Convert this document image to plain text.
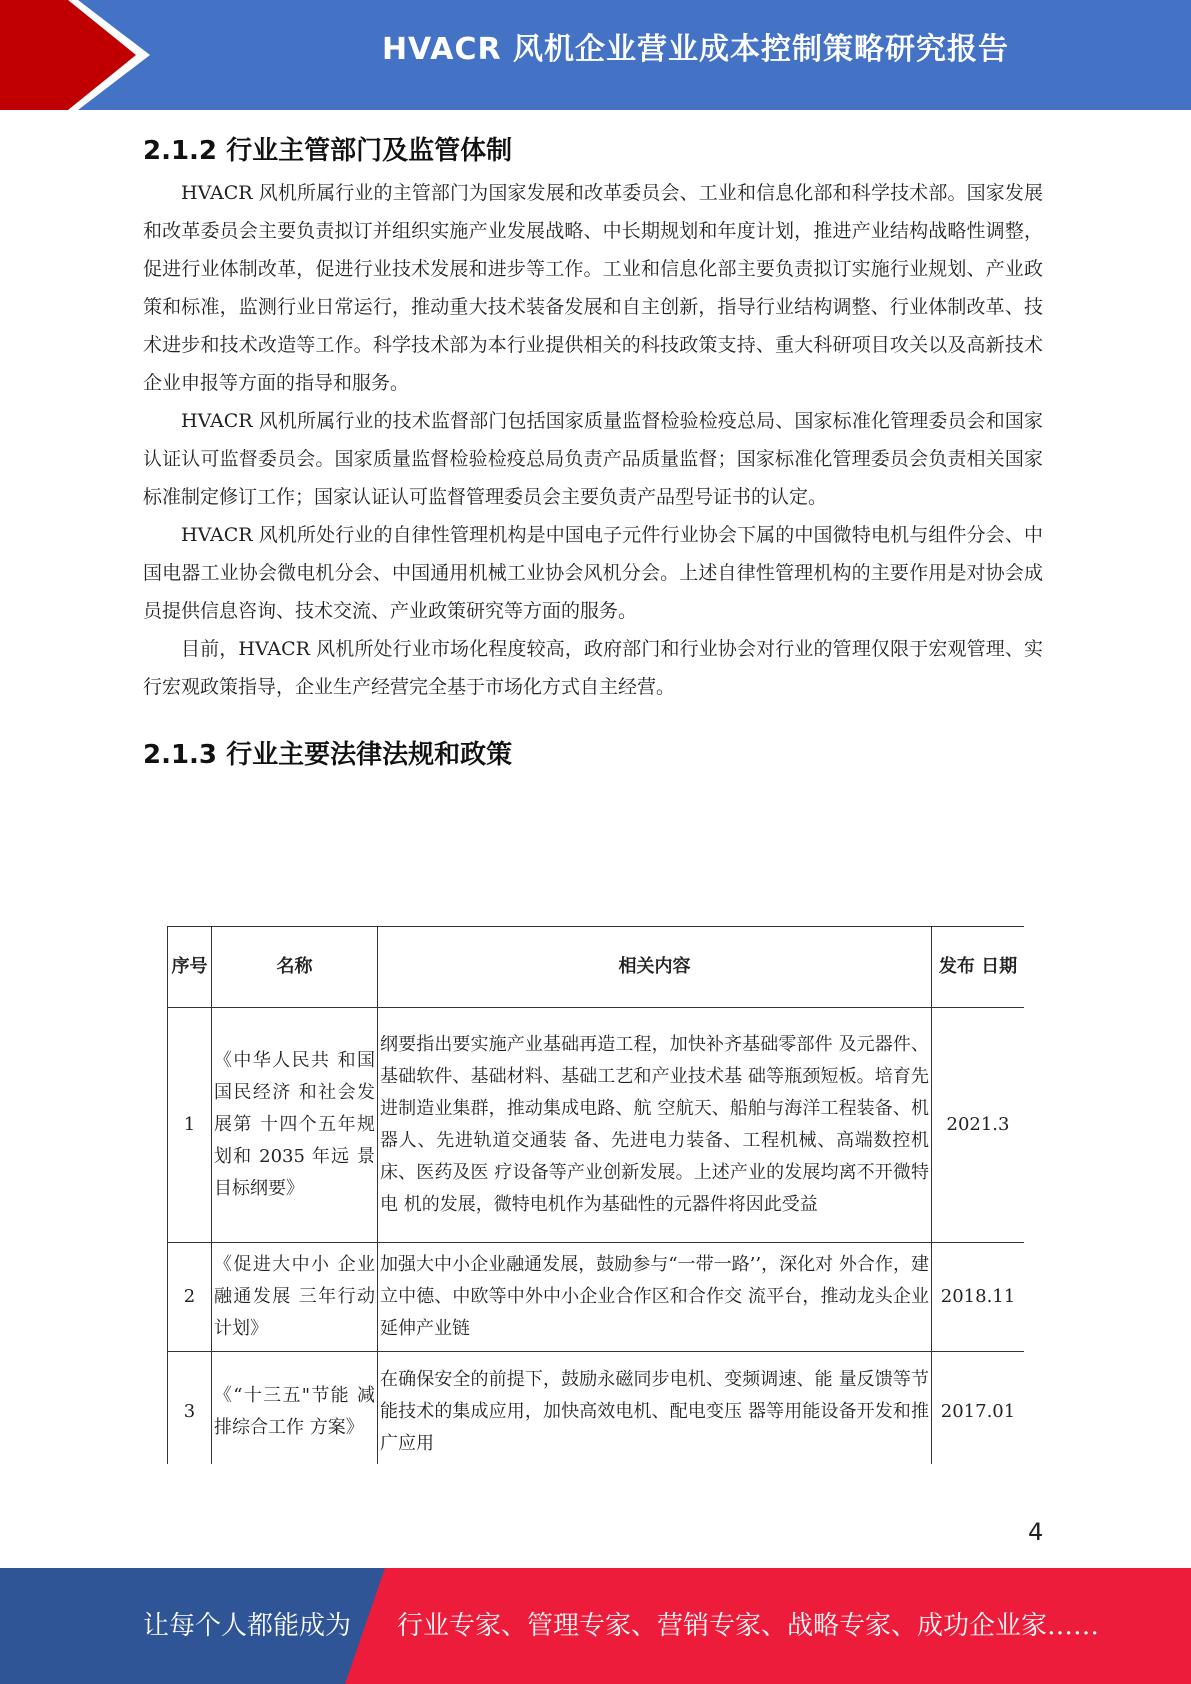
HVACR 风机企业营业成本控制策略研究报告
2.1.2 行业主管部门及监管体制

HVACR 风机所属行业的主管部门为国家发展和改革委员会、工业和信息化部和科学技术部。国家发展和改革委员会主要负责拟订并组织实施产业发展战略、中长期规划和年度计划，推进产业结构战略性调整，促进行业体制改革，促进行业技术发展和进步等工作。工业和信息化部主要负责拟订实施行业规划、产业政策和标准，监测行业日常运行，推动重大技术装备发展和自主创新，指导行业结构调整、行业体制改革、技术进步和技术改造等工作。科学技术部为本行业提供相关的科技政策支持、重大科研项目攻关以及高新技术企业申报等方面的指导和服务。

HVACR 风机所属行业的技术监督部门包括国家质量监督检验检疫总局、国家标准化管理委员会和国家认证认可监督委员会。国家质量监督检验检疫总局负责产品质量监督；国家标准化管理委员会负责相关国家标准制定修订工作；国家认证认可监督管理委员会主要负责产品型号证书的认定。

HVACR 风机所处行业的自律性管理机构是中国电子元件行业协会下属的中国微特电机与组件分会、中国电器工业协会微电机分会、中国通用机械工业协会风机分会。上述自律性管理机构的主要作用是对协会成员提供信息咨询、技术交流、产业政策研究等方面的服务。

目前，HVACR 风机所处行业市场化程度较高，政府部门和行业协会对行业的管理仅限于宏观管理、实行宏观政策指导，企业生产经营完全基于市场化方式自主经营。

2.1.3 行业主要法律法规和政策
序号	名称	相关内容	发布 日期
1	《中华人民共 和国国民经济 和社会发展第 十四个五年规 划和 2035 年远 景目标纲要》	纲要指出要实施产业基础再造工程，加快补齐基础零部件 及元器件、基础软件、基础材料、基础工艺和产业技术基 础等瓶颈短板。培育先进制造业集群，推动集成电路、航 空航天、船舶与海洋工程装备、机器人、先进轨道交通装 备、先进电力装备、工程机械、高端数控机床、医药及医 疗设备等产业创新发展。上述产业的发展均离不开微特电 机的发展，微特电机作为基础性的元器件将因此受益	2021.3
2	《促进大中小 企业融通发展 三年行动计划》	加强大中小企业融通发展，鼓励参与“一带一路’’，深化对 外合作，建立中德、中欧等中外中小企业合作区和合作交 流平台，推动龙头企业延伸产业链	2018.11
3	《“十三五"节能 减排综合工作 方案》	在确保安全的前提下，鼓励永磁同步电机、变频调速、能 量反馈等节能技术的集成应用，加快高效电机、配电变压 器等用能设备开发和推广应用	2017.01
4
让每个人都能成为 行业专家、管理专家、营销专家、战略专家、成功企业家……
